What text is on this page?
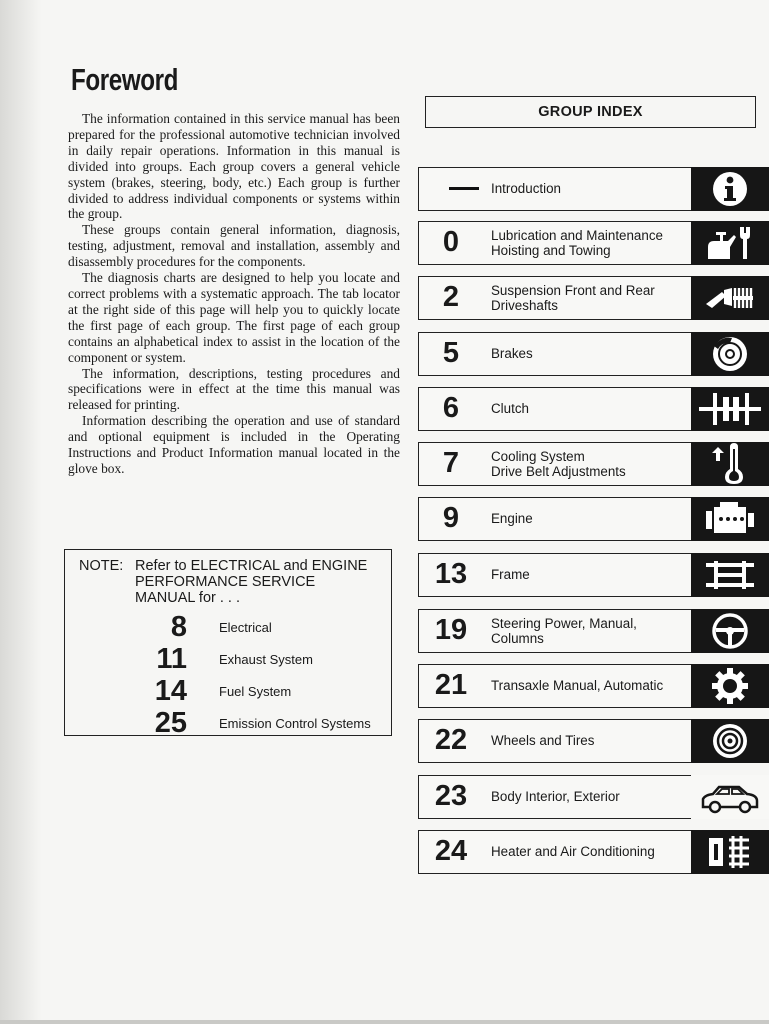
Foreword

The information contained in this service manual has been prepared for the professional automotive technician involved in daily repair operations. Information in this manual is divided into groups. Each group covers a general vehicle system (brakes, steering, body, etc.) Each group is further divided to address individual components or systems within the group.

These groups contain general information, diagnosis, testing, adjustment, removal and installation, assembly and disassembly procedures for the components.

The diagnosis charts are designed to help you locate and correct problems with a systematic approach. The tab locator at the right side of this page will help you to quickly locate the first page of each group. The first page of each group contains an alphabetical index to assist in the location of the component or system.

The information, descriptions, testing procedures and specifications were in effect at the time this manual was released for printing.

Information describing the operation and use of standard and optional equipment is included in the Operating Instructions and Product Information manual located in the glove box.

NOTE: Refer to ELECTRICAL and ENGINE
PERFORMANCE SERVICE
MANUAL for . . .
8 Electrical
11 Exhaust System
14 Fuel System
25 Emission Control Systems
GROUP INDEX
Introduction
0	Lubrication and Maintenance
Hoisting and Towing
2	Suspension Front and Rear
Driveshafts
5	Brakes
6	Clutch
7	Cooling System
Drive Belt Adjustments
9	Engine
13	Frame
19	Steering Power, Manual,
Columns
21	Transaxle Manual, Automatic
22	Wheels and Tires
23	Body Interior, Exterior
24	Heater and Air Conditioning
